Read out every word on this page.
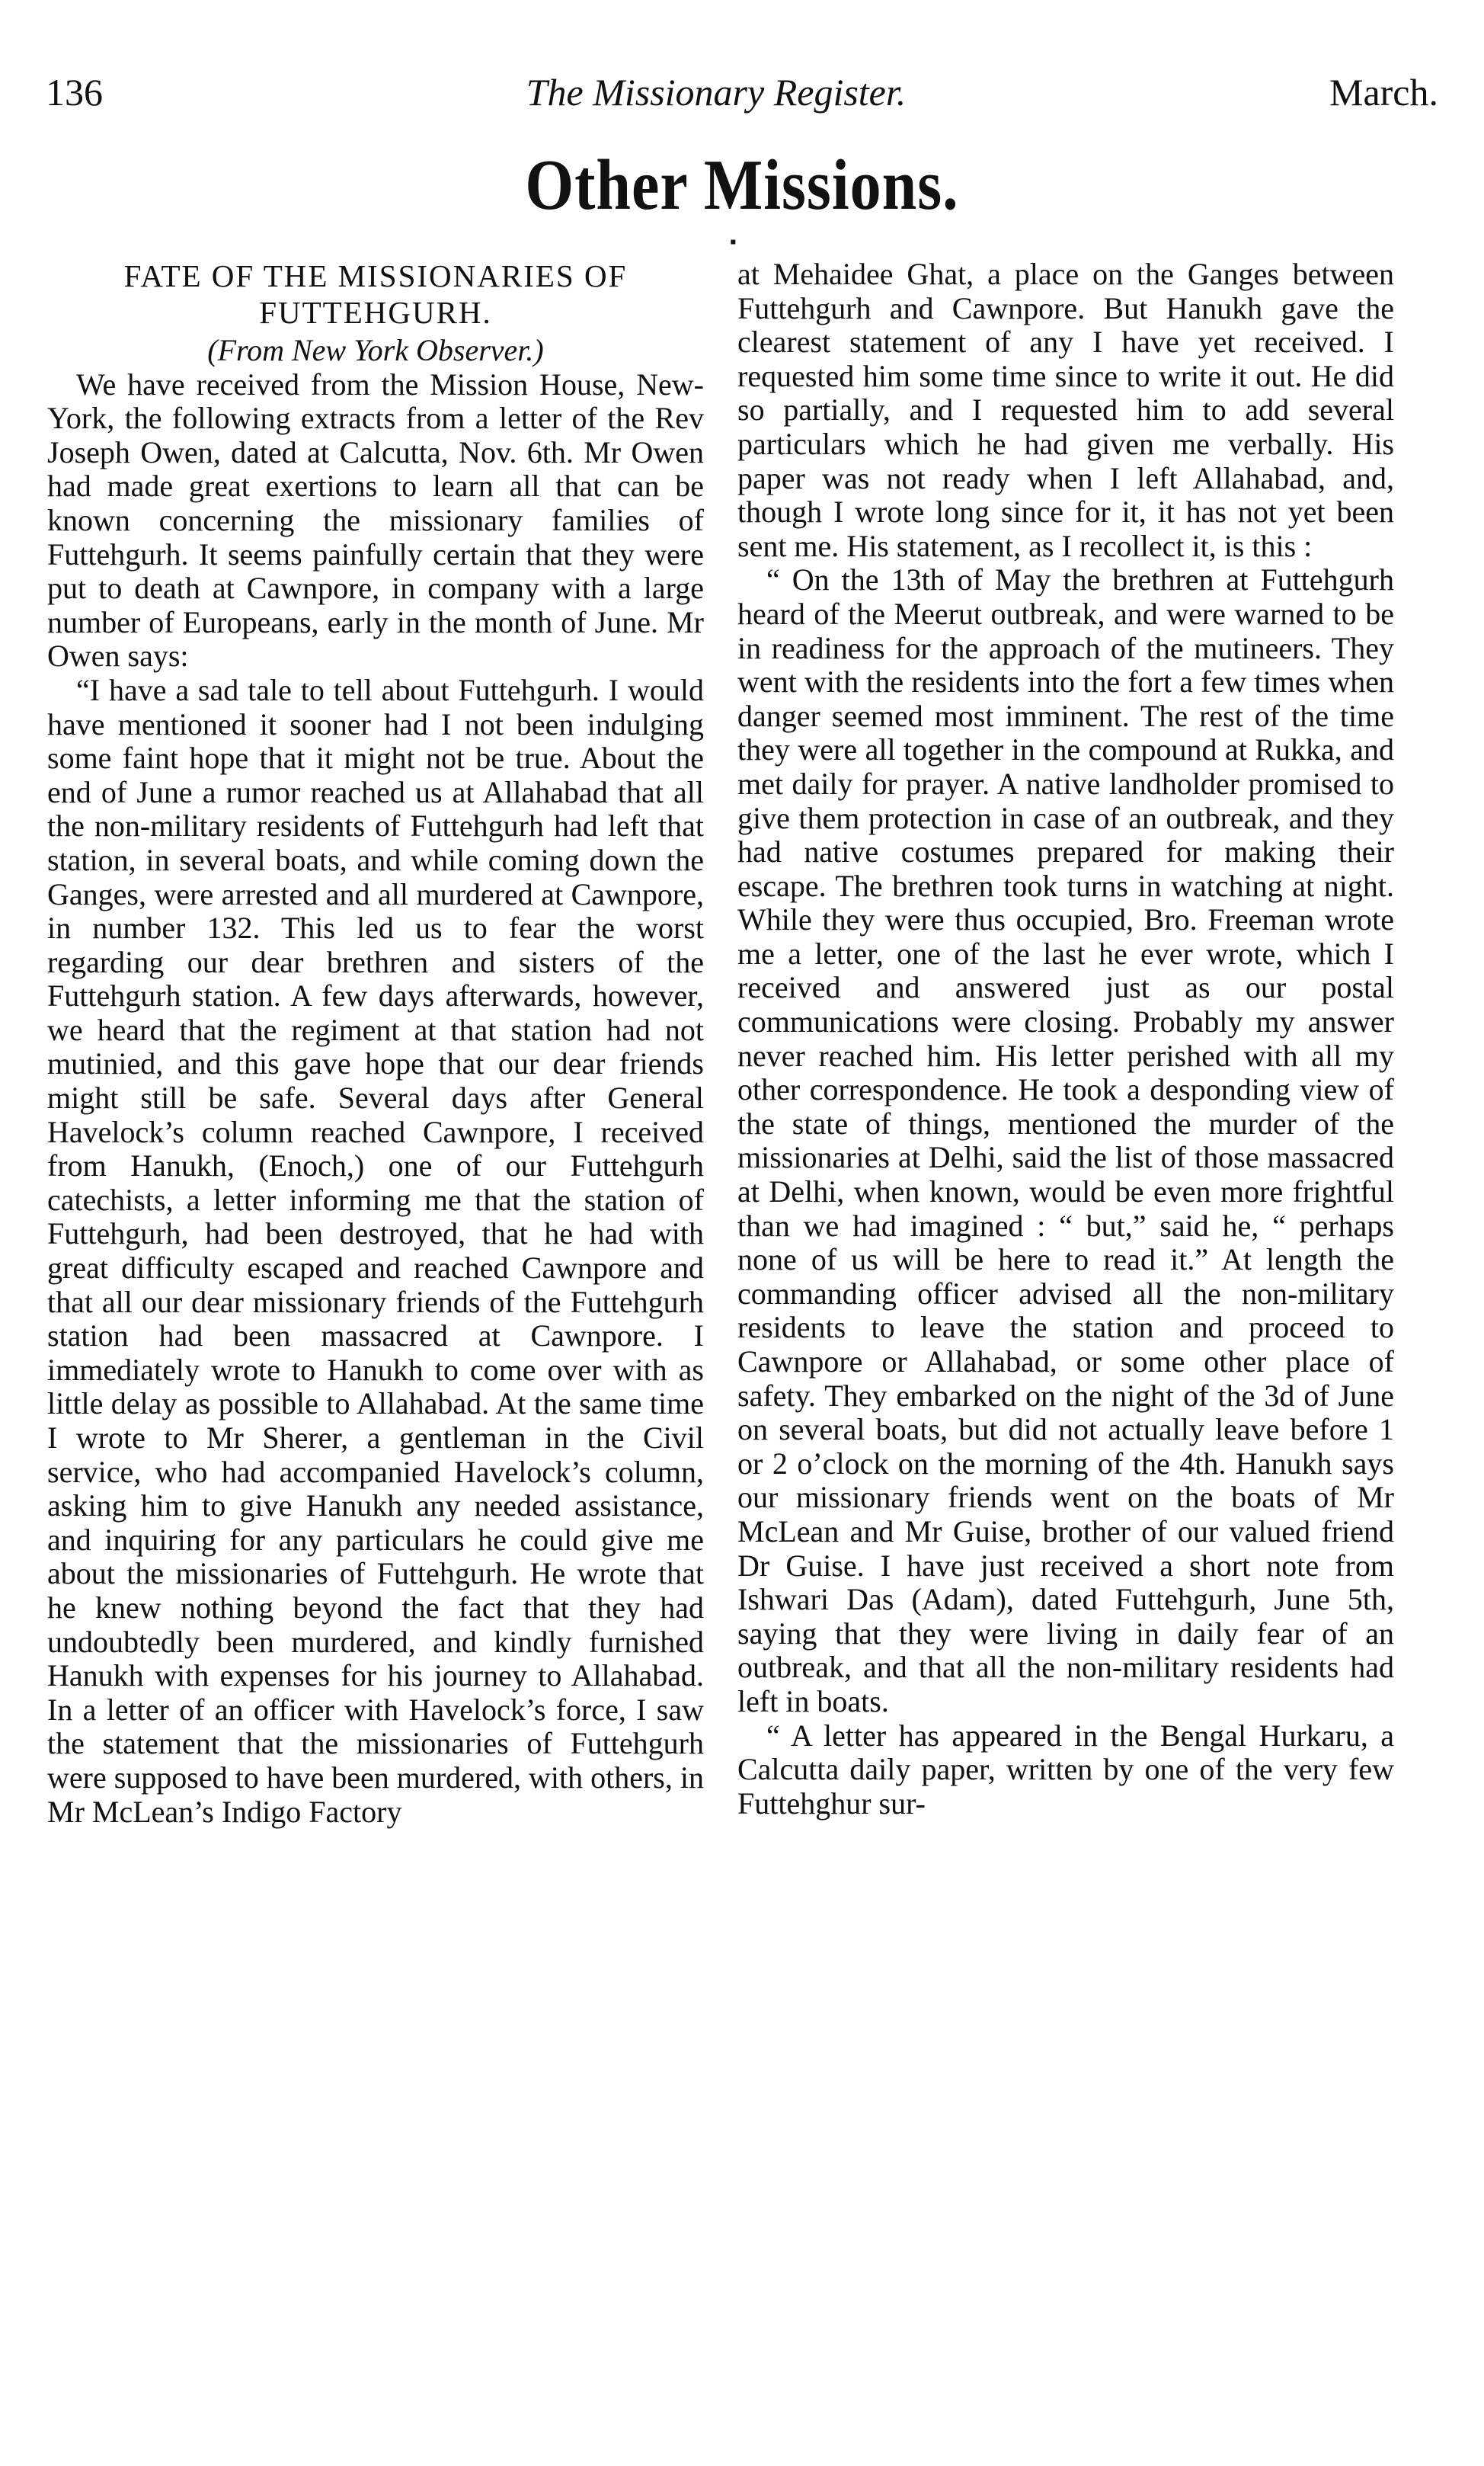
136	The Missionary Register.	March.
Other Missions.
▪

FATE OF THE MISSIONARIES OF FUTTEHGURH.

(From New York Observer.)

We have received from the Mission House, New-York, the following extracts from a letter of the Rev Joseph Owen, dated at Calcutta, Nov. 6th. Mr Owen had made great exertions to learn all that can be known concerning the missionary families of Futtehgurh. It seems painfully certain that they were put to death at Cawnpore, in company with a large number of Europeans, early in the month of June. Mr Owen says:

“I have a sad tale to tell about Futtehgurh. I would have mentioned it sooner had I not been indulging some faint hope that it might not be true. About the end of June a rumor reached us at Allahabad that all the non-military residents of Futtehgurh had left that station, in several boats, and while coming down the Ganges, were arrested and all murdered at Cawnpore, in number 132. This led us to fear the worst regarding our dear brethren and sisters of the Futtehgurh station. A few days afterwards, however, we heard that the regiment at that station had not mutinied, and this gave hope that our dear friends might still be safe. Several days after General Havelock’s column reached Cawnpore, I received from Hanukh, (Enoch,) one of our Futtehgurh catechists, a letter informing me that the station of Futtehgurh, had been destroyed, that he had with great difficulty escaped and reached Cawnpore and that all our dear missionary friends of the Futtehgurh station had been massacred at Cawnpore. I immediately wrote to Hanukh to come over with as little delay as possible to Allahabad. At the same time I wrote to Mr Sherer, a gentleman in the Civil service, who had accompanied Havelock’s column, asking him to give Hanukh any needed assistance, and inquiring for any particulars he could give me about the missionaries of Futtehgurh. He wrote that he knew nothing beyond the fact that they had undoubtedly been murdered, and kindly furnished Hanukh with expenses for his journey to Allahabad. In a letter of an officer with Havelock’s force, I saw the statement that the missionaries of Futtehgurh were supposed to have been murdered, with others, in Mr McLean’s Indigo Factory

at Mehaidee Ghat, a place on the Ganges between Futtehgurh and Cawnpore. But Hanukh gave the clearest statement of any I have yet received. I requested him some time since to write it out. He did so partially, and I requested him to add several particulars which he had given me verbally. His paper was not ready when I left Allahabad, and, though I wrote long since for it, it has not yet been sent me. His statement, as I recollect it, is this :

“ On the 13th of May the brethren at Futtehgurh heard of the Meerut outbreak, and were warned to be in readiness for the approach of the mutineers. They went with the residents into the fort a few times when danger seemed most imminent. The rest of the time they were all together in the compound at Rukka, and met daily for prayer. A native landholder promised to give them protection in case of an outbreak, and they had native costumes prepared for making their escape. The brethren took turns in watching at night. While they were thus occupied, Bro. Freeman wrote me a letter, one of the last he ever wrote, which I received and answered just as our postal communications were closing. Probably my answer never reached him. His letter perished with all my other correspondence. He took a desponding view of the state of things, mentioned the murder of the missionaries at Delhi, said the list of those massacred at Delhi, when known, would be even more frightful than we had imagined : “ but,” said he, “ perhaps none of us will be here to read it.” At length the commanding officer advised all the non-military residents to leave the station and proceed to Cawnpore or Allahabad, or some other place of safety. They embarked on the night of the 3d of June on several boats, but did not actually leave before 1 or 2 o’clock on the morning of the 4th. Hanukh says our missionary friends went on the boats of Mr McLean and Mr Guise, brother of our valued friend Dr Guise. I have just received a short note from Ishwari Das (Adam), dated Futtehgurh, June 5th, saying that they were living in daily fear of an outbreak, and that all the non-military residents had left in boats.

“ A letter has appeared in the Bengal Hurkaru, a Calcutta daily paper, written by one of the very few Futtehghur sur-
